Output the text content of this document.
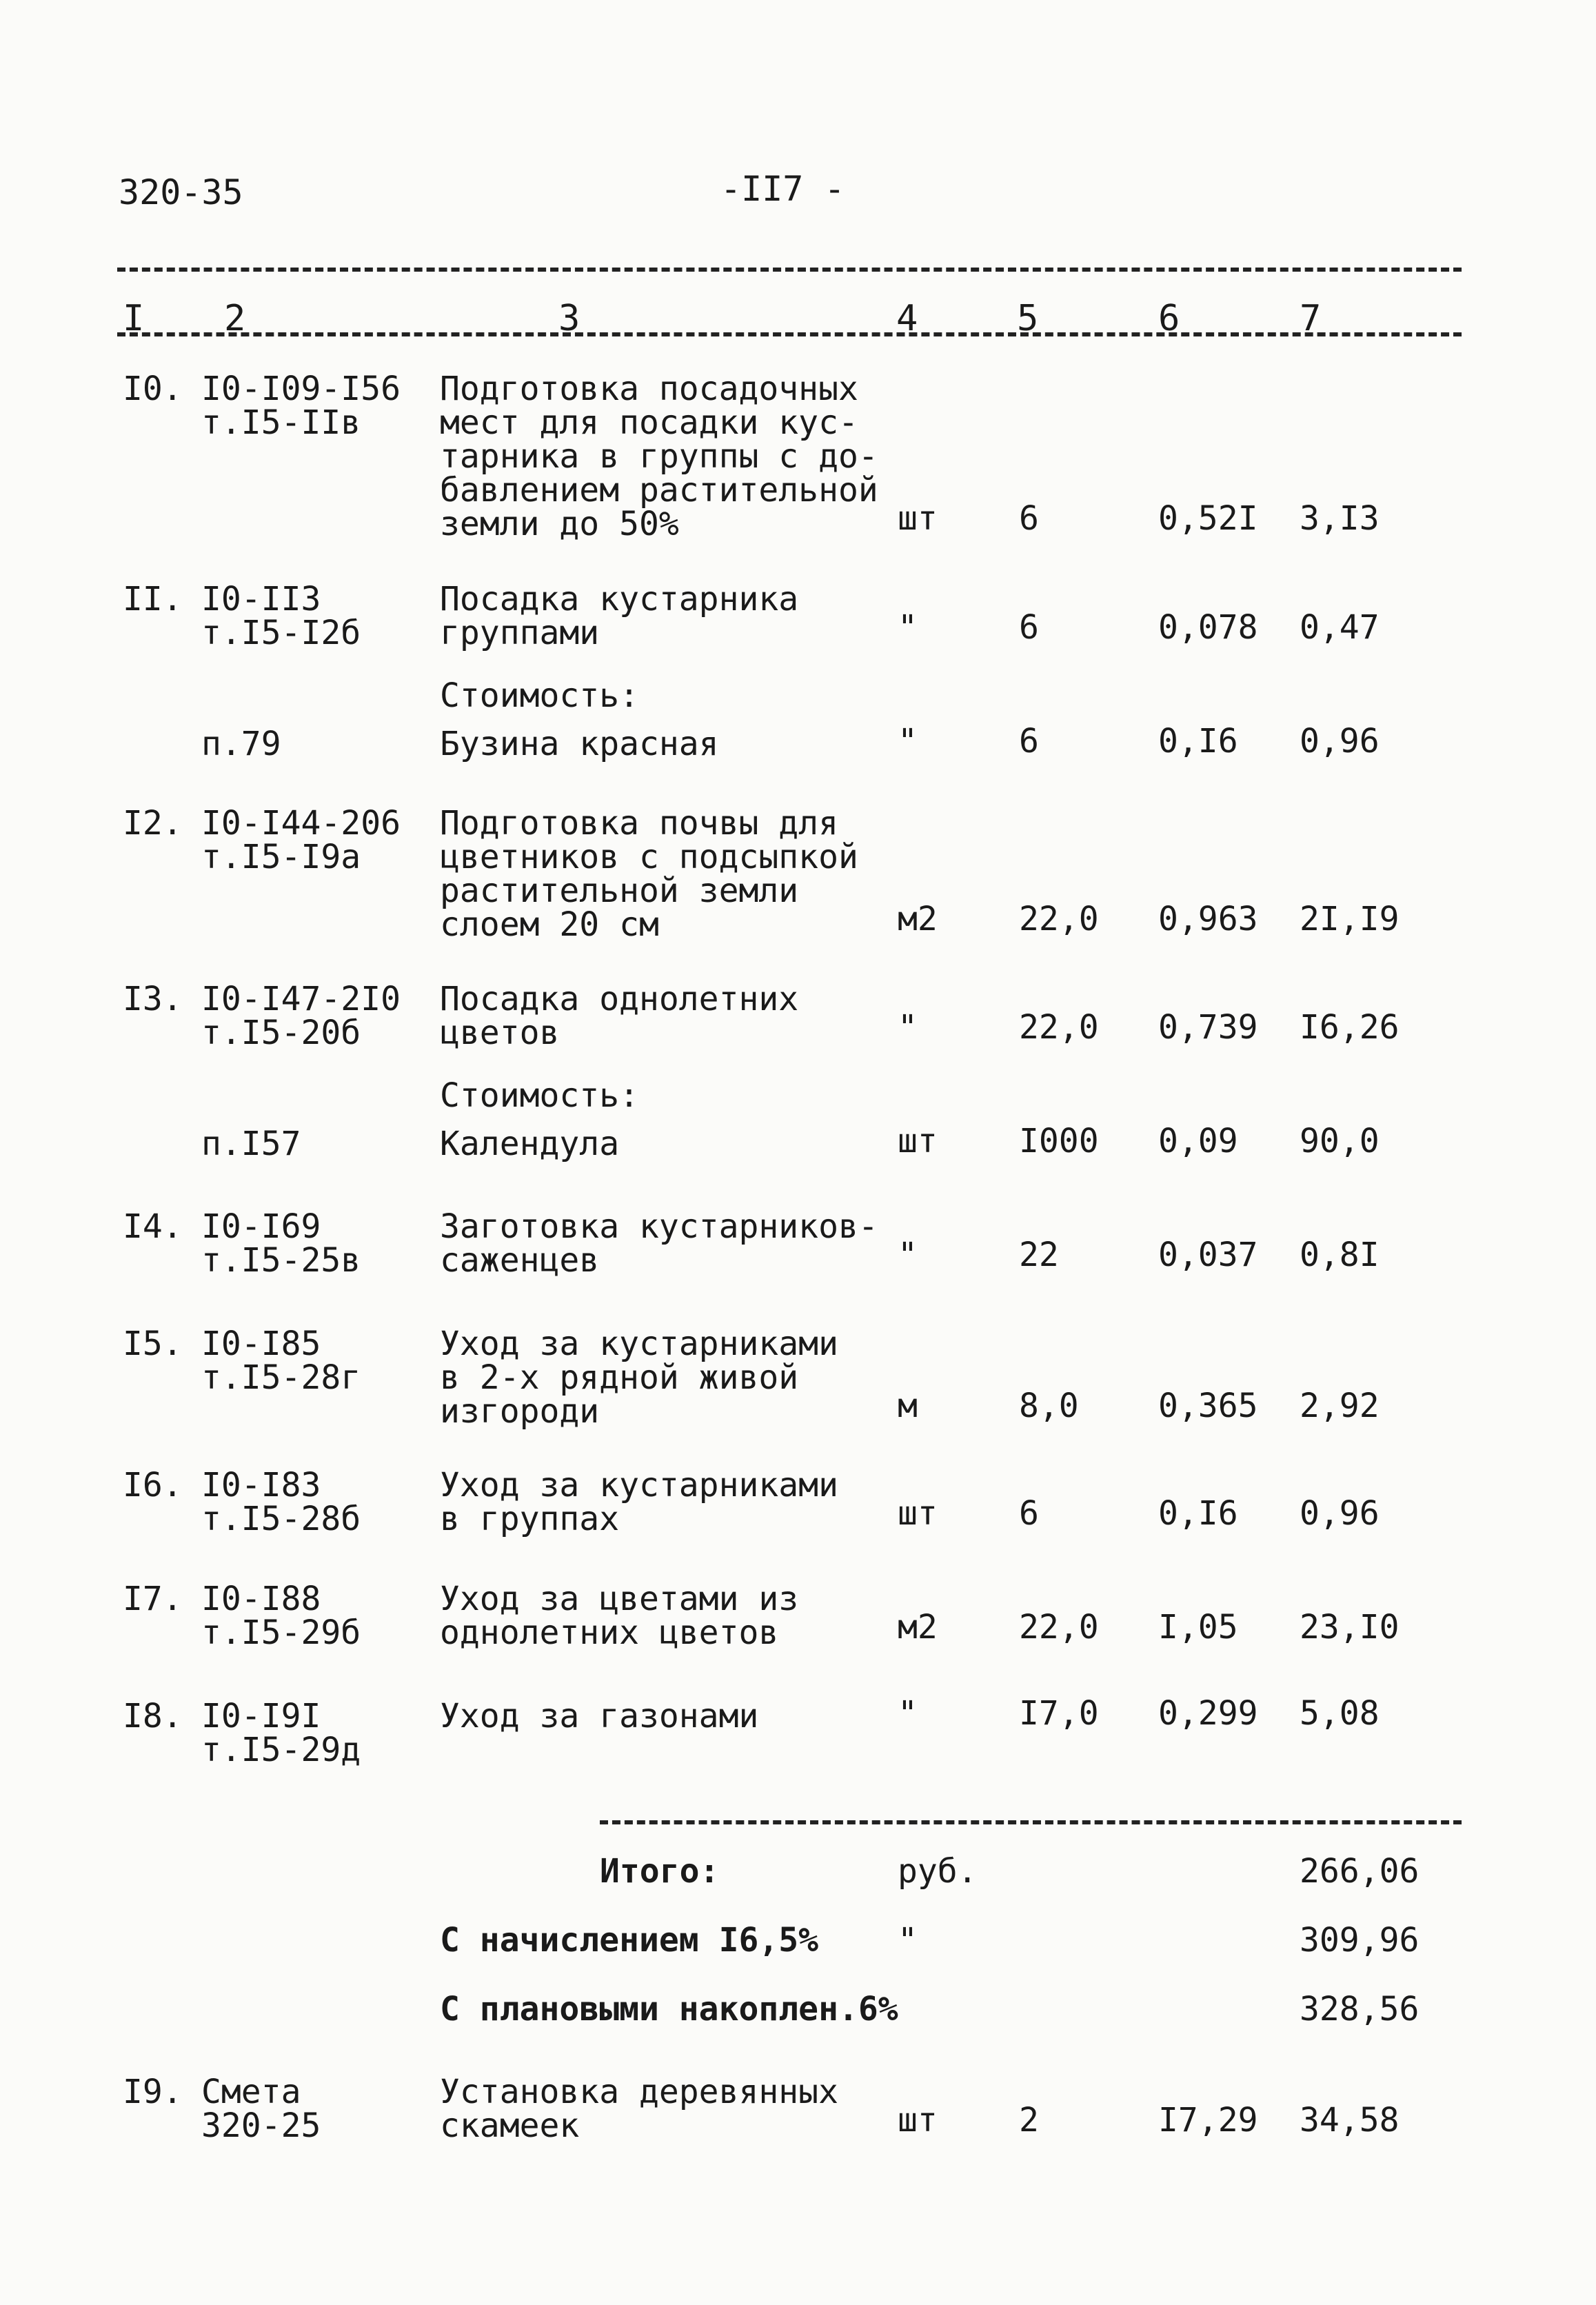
320-35	-II7 -
I 2	3	4	5	6	7
I0. I0-I09-I56
т.I5-IIв
Подготовка посадочных
мест для посадки кус-
тарника в группы с до-
бавлением растительной
земли до 50%	шт 6	0,52I 3,I3
II. I0-II3
т.I5-I2б
Посадка кустарника
группами	"	6	0,078 0,47
Стоимость:
п.79	Бузина красная	"	6	0,I6 0,96
I2. I0-I44-206
т.I5-I9а
Подготовка почвы для
цветников с подсыпкой
растительной земли
слоем 20 см	м2 22,0 0,963 2I,I9
I3. I0-I47-2I0
т.I5-20б
Посадка однолетних
цветов	"	22,0 0,739 I6,26
Стоимость:
п.I57	Календула	шт I000 0,09 90,0
I4. I0-I69
т.I5-25в
Заготовка кустарников-
саженцев	"	22	0,037 0,8I
I5. I0-I85
т.I5-28г
Уход за кустарниками
в 2-х рядной живой
изгороди	м	8,0 0,365 2,92
I6. I0-I83
т.I5-28б
Уход за кустарниками
в группах	шт 6	0,I6 0,96
I7. I0-I88
т.I5-29б
Уход за цветами из
однолетних цветов	м2 22,0 I,05 23,I0
I8. I0-I9I
т.I5-29д
Уход за газонами	"	I7,0 0,299 5,08
Итого:	руб.	266,06
С начислением I6,5% "	309,96
С плановыми накоплен.6%	328,56
I9. Смета
320-25
Установка деревянных
скамеек	шт 2	I7,29 34,58
